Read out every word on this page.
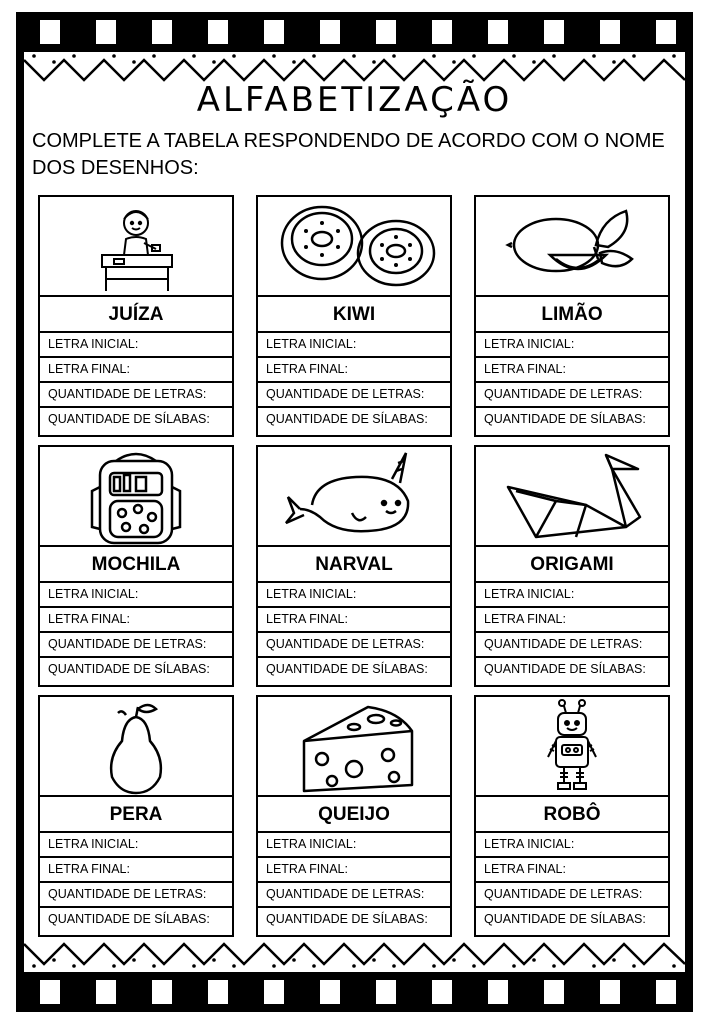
ALFABETIZAÇÃO
COMPLETE A TABELA RESPONDENDO DE ACORDO COM O NOME DOS DESENHOS:
JUÍZA
LETRA INICIAL:
LETRA FINAL:
QUANTIDADE DE LETRAS:
QUANTIDADE DE SÍLABAS:
KIWI
LETRA INICIAL:
LETRA FINAL:
QUANTIDADE DE LETRAS:
QUANTIDADE DE SÍLABAS:
LIMÃO
LETRA INICIAL:
LETRA FINAL:
QUANTIDADE DE LETRAS:
QUANTIDADE DE SÍLABAS:
MOCHILA
LETRA INICIAL:
LETRA FINAL:
QUANTIDADE DE LETRAS:
QUANTIDADE DE SÍLABAS:
NARVAL
LETRA INICIAL:
LETRA FINAL:
QUANTIDADE DE LETRAS:
QUANTIDADE DE SÍLABAS:
ORIGAMI
LETRA INICIAL:
LETRA FINAL:
QUANTIDADE DE LETRAS:
QUANTIDADE DE SÍLABAS:
PERA
LETRA INICIAL:
LETRA FINAL:
QUANTIDADE DE LETRAS:
QUANTIDADE DE SÍLABAS:
QUEIJO
LETRA INICIAL:
LETRA FINAL:
QUANTIDADE DE LETRAS:
QUANTIDADE DE SÍLABAS:
ROBÔ
LETRA INICIAL:
LETRA FINAL:
QUANTIDADE DE LETRAS:
QUANTIDADE DE SÍLABAS:
